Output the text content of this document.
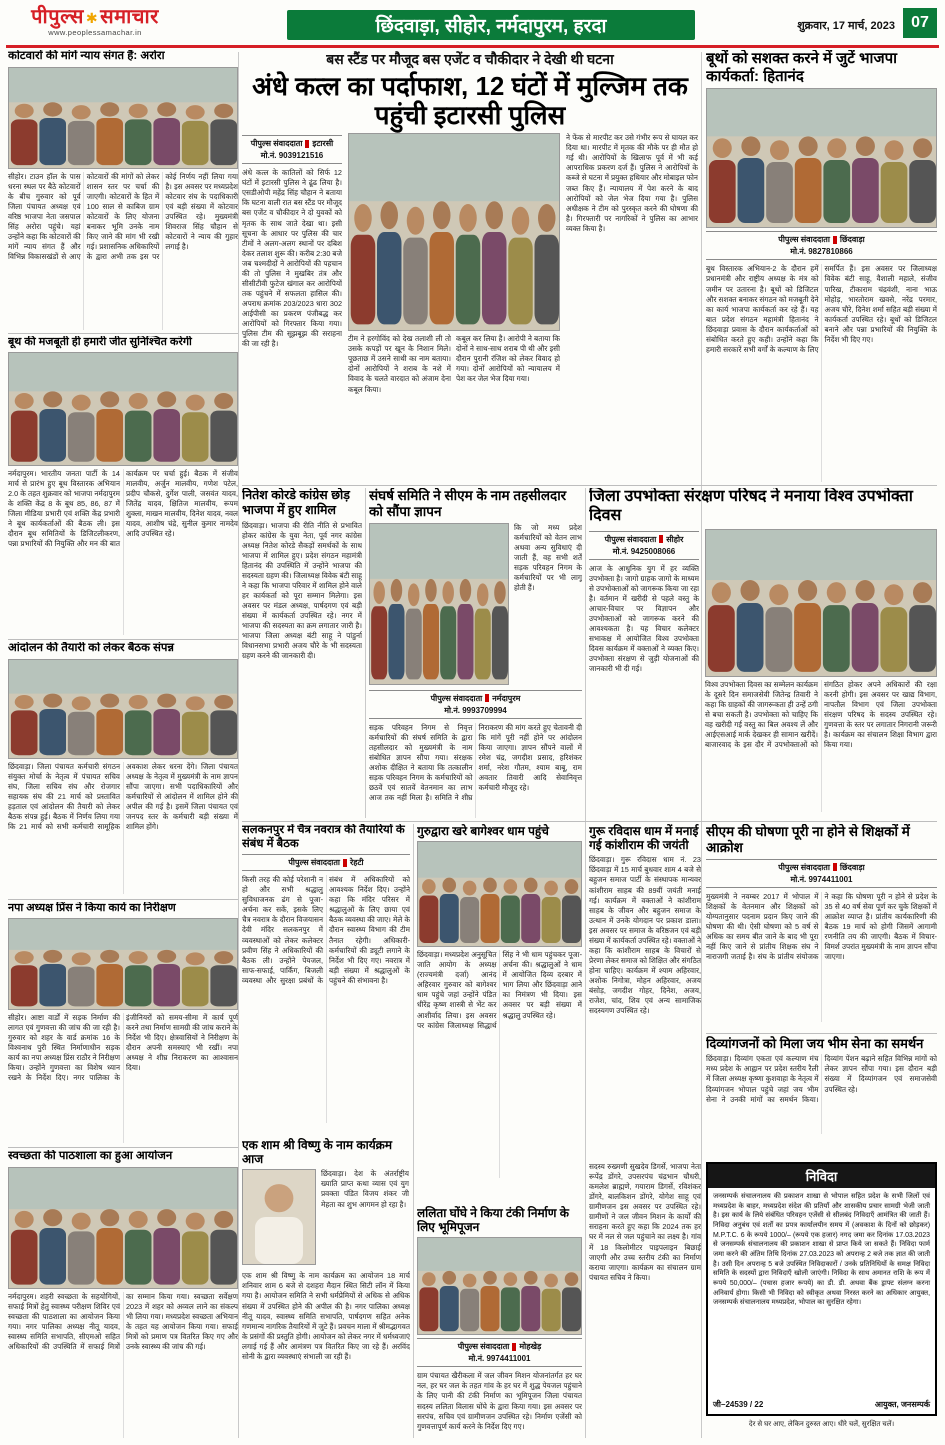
पीपुल्स ✱ समाचार
www.peoplessamachar.in	छिंदवाड़ा, सीहोर, नर्मदापुरम, हरदा	शुक्रवार, 17 मार्च, 2023	07
कोटवारों की मांगें न्याय संगत हैं: अरोरा
सीहोर। टाउन हॉल के पास धरना स्थल पर बैठे कोटवारों के बीच गुरुवार को पूर्व जिला पंचायत अध्यक्ष एवं वरिष्ठ भाजपा नेता जसपाल सिंह अरोरा पहुंचे। यहां उन्होंने कहा कि कोटवारों की मांगें न्याय संगत हैं और विभिन्न विकासखंडों से आए कोटवारों की मांगों को लेकर शासन स्तर पर चर्चा की जाएगी। कोटवारों के हित में 100 साल से काबिज ग्राम कोटवारों के लिए योजना बनाकर भूमि उनके नाम किए जाने की मांग भी रखी गई। प्रशासनिक अधिकारियों के द्वारा अभी तक इस पर कोई निर्णय नहीं लिया गया है। इस अवसर पर मध्यप्रदेश कोटवार संघ के पदाधिकारी एवं बड़ी संख्या में कोटवार उपस्थित रहे। मुख्यमंत्री शिवराज सिंह चौहान से कोटवारों ने न्याय की गुहार लगाई है।
बूथ की मजबूती ही हमारी जीत सुनिश्चित करेगी
नर्मदापुरम। भारतीय जनता पार्टी के 14 मार्च से प्रारंभ हुए बूथ विस्तारक अभियान 2.0 के तहत शुक्रवार को भाजपा नर्मदापुरम के शक्ति केंद्र 8 के बूथ 85, 86, 87 में जिला मीडिया प्रभारी एवं शक्ति केंद्र प्रभारी ने बूथ कार्यकर्ताओं की बैठक ली। इस दौरान बूथ समितियों के डिजिटलीकरण, पन्ना प्रभारियों की नियुक्ति और मन की बात कार्यक्रम पर चर्चा हुई। बैठक में संजीव मालवीय, अर्जुन मालवीय, गणेश पटेल, प्रदीप चौकसे, दुर्गेश पाली, जसवंत यादव, जितेंद्र यादव, क्षितिज मालवीय, रूपम शुक्ला, माखन मालवीय, दिनेश यादव, नवल यादव, आशीष चंद्रे, सुनील कुमार नामदेव आदि उपस्थित रहे।
आंदोलन की तैयारी को लेकर बैठक संपन्न
छिंदवाड़ा। जिला पंचायत कर्मचारी संगठन संयुक्त मोर्चा के नेतृत्व में पंचायत सचिव संघ, जिला सचिव संघ और रोजगार सहायक संघ की 21 मार्च को प्रस्तावित हड़ताल एवं आंदोलन की तैयारी को लेकर बैठक संपन्न हुई। बैठक में निर्णय लिया गया कि 21 मार्च को सभी कर्मचारी सामूहिक अवकाश लेकर धरना देंगे। जिला पंचायत अध्यक्ष के नेतृत्व में मुख्यमंत्री के नाम ज्ञापन सौंपा जाएगा। सभी पदाधिकारियों और कर्मचारियों से आंदोलन में शामिल होने की अपील की गई है। इसमें जिला पंचायत एवं जनपद स्तर के कर्मचारी बड़ी संख्या में शामिल होंगे।
नपा अध्यक्ष प्रिंस ने किया कार्य का निरीक्षण
सीहोर। आष्टा वार्डों में सड़क निर्माण की लागत एवं गुणवत्ता की जांच की जा रही है। गुरुवार को शहर के वार्ड क्रमांक 16 के विश्वनाथ पुरी स्थित निर्माणाधीन सड़क कार्य का नपा अध्यक्ष प्रिंस राठौर ने निरीक्षण किया। उन्होंने गुणवत्ता का विशेष ध्यान रखने के निर्देश दिए। नगर पालिका के इंजीनियरों को समय-सीमा में कार्य पूर्ण करने तथा निर्माण सामग्री की जांच कराने के निर्देश भी दिए। क्षेत्रवासियों ने निरीक्षण के दौरान अपनी समस्याएं भी रखीं। नपा अध्यक्ष ने शीघ्र निराकरण का आश्वासन दिया।
स्वच्छता की पाठशाला का हुआ आयोजन
नर्मदापुरम। शहरी स्वच्छता के सहयोगियों, सफाई मित्रों हेतु स्वास्थ्य परीक्षण शिविर एवं स्वच्छता की पाठशाला का आयोजन किया गया। नगर पालिका अध्यक्ष नीतू यादव, स्वास्थ्य समिति सभापति, सीएमओ सहित अधिकारियों की उपस्थिति में सफाई मित्रों का सम्मान किया गया। स्वच्छता सर्वेक्षण 2023 में शहर को अव्वल लाने का संकल्प भी लिया गया। मध्यप्रदेश स्वच्छता अभियान के तहत यह आयोजन किया गया। सफाई मित्रों को प्रमाण पत्र वितरित किए गए और उनके स्वास्थ्य की जांच की गई।
बस स्टैंड पर मौजूद बस एजेंट व चौकीदार ने देखी थी घटना
अंधे कत्ल का पर्दाफाश, 12 घंटों में मुल्जिम तक पहुंची इटारसी पुलिस
पीपुल्स संवाददाता इटारसी
मो.नं. 9039121516
अंधे कत्ल के कातिलों को सिर्फ 12 घंटों में इटारसी पुलिस ने ढूंढ लिया है। एसडीओपी महेंद्र सिंह चौहान ने बताया कि घटना वाली रात बस स्टैंड पर मौजूद बस एजेंट व चौकीदार ने दो युवकों को मृतक के साथ जाते देखा था। इसी सूचना के आधार पर पुलिस की चार टीमों ने अलग-अलग स्थानों पर दबिश देकर तलाश शुरू की। करीब 2:30 बजे जब चश्मदीदों ने आरोपियों की पहचान की तो पुलिस ने मुखबिर तंत्र और सीसीटीवी फुटेज खंगाल कर आरोपियों तक पहुंचने में सफलता हासिल की। अपराध क्रमांक 203/2023 धारा 302 आईपीसी का प्रकरण पंजीबद्ध कर आरोपियों को गिरफ्तार किया गया। पुलिस टीम की सूझबूझ की सराहना की जा रही है।
टीम ने हरगोविंद को देख तलाशी ली तो उसके कपड़ों पर खून के निशान मिले। पूछताछ में उसने साथी का नाम बताया। दोनों आरोपियों ने शराब के नशे में विवाद के चलते वारदात को अंजाम देना कबूल किया।
कबूल कर लिया है। आरोपी ने बताया कि दोनों ने साथ-साथ शराब पी थी और इसी दौरान पुरानी रंजिश को लेकर विवाद हो गया। दोनों आरोपियों को न्यायालय में पेश कर जेल भेज दिया गया।
ने फेंक से मारपीट कर उसे गंभीर रूप से घायल कर दिया था। मारपीट में मृतक की मौके पर ही मौत हो गई थी। आरोपियों के खिलाफ पूर्व में भी कई आपराधिक प्रकरण दर्ज हैं। पुलिस ने आरोपियों के कब्जे से घटना में प्रयुक्त हथियार और मोबाइल फोन जब्त किए हैं। न्यायालय में पेश करने के बाद आरोपियों को जेल भेज दिया गया है। पुलिस अधीक्षक ने टीम को पुरस्कृत करने की घोषणा की है। गिरफ्तारी पर नागरिकों ने पुलिस का आभार व्यक्त किया है।
बूथों को सशक्त करने में जुटें भाजपा कार्यकर्ता: हितानंद
पीपुल्स संवाददाता छिंदवाड़ा
मो.नं. 9827810866
बूथ विस्तारक अभियान-2 के दौरान हमें प्रधानमंत्री और राष्ट्रीय अध्यक्ष के मंत्र को जमीन पर उतारना है। बूथों को डिजिटल और सशक्त बनाकर संगठन को मजबूती देने का कार्य भाजपा कार्यकर्ता कर रहे हैं। यह बात प्रदेश संगठन महामंत्री हितानंद ने छिंदवाड़ा प्रवास के दौरान कार्यकर्ताओं को संबोधित करते हुए कही। उन्होंने कहा कि हमारी सरकारें सभी वर्गों के कल्याण के लिए समर्पित हैं। इस अवसर पर जिलाध्यक्ष विवेक बंटी साहू, वैशाली महाले, संजीव पारिख, टीकाराम चंद्रवंशी, नाना भाऊ मोहोड़, भारतोराम खवसे, नरेंद्र परमार, अजय चौरे, दिनेश शर्मा सहित बड़ी संख्या में कार्यकर्ता उपस्थित रहे। बूथों को डिजिटल बनाने और पन्ना प्रभारियों की नियुक्ति के निर्देश भी दिए गए।
नितेश कोरडे कांग्रेस छोड़ भाजपा में हुए शामिल
छिंदवाड़ा। भाजपा की रीति नीति से प्रभावित होकर कांग्रेस के युवा नेता, पूर्व नगर कांग्रेस अध्यक्ष नितेश कोरडे सैकड़ों समर्थकों के साथ भाजपा में शामिल हुए। प्रदेश संगठन महामंत्री हितानंद की उपस्थिति में उन्होंने भाजपा की सदस्यता ग्रहण की। जिलाध्यक्ष विवेक बंटी साहू ने कहा कि भाजपा परिवार में शामिल होने वाले हर कार्यकर्ता को पूरा सम्मान मिलेगा। इस अवसर पर मंडल अध्यक्ष, पार्षदगण एवं बड़ी संख्या में कार्यकर्ता उपस्थित रहे। नगर में भाजपा की सदस्यता का क्रम लगातार जारी है। भाजपा जिला अध्यक्ष बंटी साहू ने पांडुर्ना विधानसभा प्रभारी अजय चौरे के भी सदस्यता ग्रहण करने की जानकारी दी।
संघर्ष समिति ने सीएम के नाम तहसीलदार को सौंपा ज्ञापन
कि जो मध्य प्रदेश कर्मचारियों को वेतन लाभ अथवा अन्य सुविधाएं दी जाती हैं, वह सभी शर्तें सड़क परिवहन निगम के कर्मचारियों पर भी लागू होती हैं।
पीपुल्स संवाददाता नर्मदापुरम
मो.नं. 9993709994
सड़क परिवहन निगम से निवृत्त कर्मचारियों की संघर्ष समिति के द्वारा तहसीलदार को मुख्यमंत्री के नाम संबोधित ज्ञापन सौंपा गया। संरक्षक अशोक दीक्षित ने बताया कि तत्कालीन सड़क परिवहन निगम के कर्मचारियों को छठवें एवं सातवें वेतनमान का लाभ आज तक नहीं मिला है। समिति ने शीघ्र निराकरण की मांग करते हुए चेतावनी दी कि मांगें पूरी नहीं होने पर आंदोलन किया जाएगा। ज्ञापन सौंपने वालों में रमेश चंद्र, जगदीश प्रसाद, हरिशंकर शर्मा, नरेश गौतम, श्याम बाबू, राम अवतार तिवारी आदि सेवानिवृत्त कर्मचारी मौजूद रहे।
जिला उपभोक्ता संरक्षण परिषद ने मनाया विश्व उपभोक्ता दिवस
पीपुल्स संवाददाता सीहोर
मो.नं. 9425008066
आज के आधुनिक युग में हर व्यक्ति उपभोक्ता है। जागो ग्राहक जागो के माध्यम से उपभोक्ताओं को जागरूक किया जा रहा है। वर्तमान में खरीदी से पहले वस्तु के आचार-विचार पर विज्ञापन और उपभोक्ताओं को जागरूक करने की आवश्यकता है। यह विचार कलेक्टर सभाकक्ष में आयोजित विश्व उपभोक्ता दिवस कार्यक्रम में वक्ताओं ने व्यक्त किए। उपभोक्ता संरक्षण से जुड़ी योजनाओं की जानकारी भी दी गई।
विश्व उपभोक्ता दिवस का सम्मेलन कार्यक्रम के दूसरे दिन समाजसेवी जितेन्द्र तिवारी ने कहा कि ग्राहकों की जागरूकता ही उन्हें ठगी से बचा सकती है। उपभोक्ता को चाहिए कि वह खरीदी गई वस्तु का बिल अवश्य लें और आईएसआई मार्क देखकर ही सामान खरीदें। बाजारवाद के इस दौर में उपभोक्ताओं को संगठित होकर अपने अधिकारों की रक्षा करनी होगी। इस अवसर पर खाद्य विभाग, नापतौल विभाग एवं जिला उपभोक्ता संरक्षण परिषद के सदस्य उपस्थित रहे। गुणवत्ता के स्तर पर लगातार निगरानी जरूरी है। कार्यक्रम का संचालन शिक्षा विभाग द्वारा किया गया।
सलकनपुर में चैत्र नवरात्र की तैयारियों के संबंध में बैठक
पीपुल्स संवाददाता रेहटी
किसी तरह की कोई परेशानी न हो और सभी श्रद्धालु सुविधाजनक ढंग से पूजा-अर्चना कर सकें, इसके लिए चैत्र नवरात्र के दौरान विजयासन देवी मंदिर सलकनपुर में व्यवस्थाओं को लेकर कलेक्टर प्रवीण सिंह ने अधिकारियों की बैठक ली। उन्होंने पेयजल, साफ-सफाई, पार्किंग, बिजली व्यवस्था और सुरक्षा प्रबंधों के संबंध में अधिकारियों को आवश्यक निर्देश दिए। उन्होंने कहा कि मंदिर परिसर में श्रद्धालुओं के लिए छाया एवं बैठक व्यवस्था की जाए। मेले के दौरान स्वास्थ्य विभाग की टीम तैनात रहेगी। अधिकारी-कर्मचारियों की ड्यूटी लगाने के निर्देश भी दिए गए। नवरात्र में बड़ी संख्या में श्रद्धालुओं के पहुंचने की संभावना है।
गुरुद्वारा खरे बागेश्वर धाम पहुंचे
छिंदवाड़ा। मध्यप्रदेश अनुसूचित जाति आयोग के अध्यक्ष (राज्यमंत्री दर्जा) आनंद अहिरवार गुरुवार को बागेश्वर धाम पहुंचे जहां उन्होंने पंडित धीरेंद्र कृष्ण शास्त्री से भेंट कर आशीर्वाद लिया। इस अवसर पर कांग्रेस जिलाध्यक्ष सिद्धार्थ सिंह ने भी धाम पहुंचकर पूजा-अर्चना की। श्रद्धालुओं ने धाम में आयोजित दिव्य दरबार में भाग लिया और छिंदवाड़ा आने का निमंत्रण भी दिया। इस अवसर पर बड़ी संख्या में श्रद्धालु उपस्थित रहे।
गुरू रविदास धाम में मनाई गई कांशीराम की जयंती
छिंदवाड़ा। गुरू रविदास धाम नं. 23 छिंदवाड़ा में 15 मार्च बुधवार शाम 4 बजे से बहुजन समाज पार्टी के संस्थापक मान्यवर कांशीराम साहब की 89वीं जयंती मनाई गई। कार्यक्रम में वक्ताओं ने कांशीराम साहब के जीवन और बहुजन समाज के उत्थान में उनके योगदान पर प्रकाश डाला। इस अवसर पर समाज के वरिष्ठजन एवं बड़ी संख्या में कार्यकर्ता उपस्थित रहे। वक्ताओं ने कहा कि कांशीराम साहब के विचारों से प्रेरणा लेकर समाज को शिक्षित और संगठित होना चाहिए। कार्यक्रम में श्याम अहिरवार, अशोक निगोत्रा, मोहन अहिरवार, अजय बंसोड़, जगदीश गोहर, दिनेश, अजय, राजेश, चांद, शिव एवं अन्य सामाजिक सदस्यगण उपस्थित रहे।
सीएम की घोषणा पूरी ना होने से शिक्षकों में आक्रोश
पीपुल्स संवाददाता छिंदवाड़ा
मो.नं. 9974411001
मुख्यमंत्री ने नवम्बर 2017 में भोपाल में शिक्षकों के वेतनमान और शिक्षकों को योग्यतानुसार पदनाम प्रदान किए जाने की घोषणा की थी। ऐसी घोषणा को 5 वर्ष से अधिक का समय बीत जाने के बाद भी पूरा नहीं किए जाने से प्रांतीय शिक्षक संघ ने नाराजगी जताई है। संघ के प्रांतीय संयोजक ने कहा कि घोषणा पूरी न होने से प्रदेश के 35 से 40 वर्ष सेवा पूर्ण कर चुके शिक्षकों में आक्रोश व्याप्त है। प्रांतीय कार्यकारिणी की बैठक 19 मार्च को होगी जिसमें आगामी रणनीति तय की जाएगी। बैठक में विचार-विमर्श उपरांत मुख्यमंत्री के नाम ज्ञापन सौंपा जाएगा।
दिव्यांगजनों को मिला जय भीम सेना का समर्थन
छिंदवाड़ा। दिव्यांग एकता एवं कल्याण मंच मध्य प्रदेश के आह्वान पर प्रदेश स्तरीय रैली में जिला अध्यक्ष कृष्णा कुशवाहा के नेतृत्व में दिव्यांगजन भोपाल पहुंचे जहां जय भीम सेना ने उनकी मांगों का समर्थन किया। दिव्यांग पेंशन बढ़ाने सहित विभिन्न मांगों को लेकर ज्ञापन सौंपा गया। इस दौरान बड़ी संख्या में दिव्यांगजन एवं समाजसेवी उपस्थित रहे।
एक शाम श्री विष्णु के नाम कार्यक्रम आज
छिंदवाड़ा। देश के अंतर्राष्ट्रीय ख्याति प्राप्त कथा व्यास एवं युग प्रवक्ता पंडित विजय शंकर जी मेहता का शुभ आगमन हो रहा है।
एक शाम श्री विष्णु के नाम कार्यक्रम का आयोजन 18 मार्च शनिवार शाम 6 बजे से दशहरा मैदान स्थित सिटी लॉन में किया गया है। आयोजन समिति ने सभी धर्मप्रेमियों से अधिक से अधिक संख्या में उपस्थित होने की अपील की है। नगर पालिका अध्यक्ष नीतू यादव, स्वास्थ्य समिति सभापति, पार्षदगण सहित अनेक गणमान्य नागरिक तैयारियों में जुटे हैं। प्रवचन माला में श्रीमद्भागवत के प्रसंगों की प्रस्तुति होगी। आयोजन को लेकर नगर में धर्मध्वजाएं लगाई गई हैं और आमंत्रण पत्र वितरित किए जा रहे हैं। अरविंद सोनी के द्वारा व्यवस्थाएं संभाली जा रही हैं।
ललिता घोंघे ने किया टंकी निर्माण के लिए भूमिपूजन
पीपुल्स संवाददाता मोहखेड़
मो.नं. 9974411001
ग्राम पंचायत खैरीकला में जल जीवन मिशन योजनांतर्गत हर घर नल, हर घर जल के तहत गांव के हर घर में शुद्ध पेयजल पहुंचाने के लिए पानी की टंकी निर्माण का भूमिपूजन जिला पंचायत सदस्य ललिता विलास घोंघे के द्वारा किया गया। इस अवसर पर सरपंच, सचिव एवं ग्रामीणजन उपस्थित रहे। निर्माण एजेंसी को गुणवत्तापूर्ण कार्य करने के निर्देश दिए गए।
सदस्य रुख्मणी सुखदेव डिगर्से, भाजपा नेता रूपेंद्र डोंगरे, उपसरपंच चंद्रभान चौधरी, कमलेश ब्राह्मणे, गयाराम डिगर्से, रविशंकर डोंगरे, बालकिशन डोंगरे, योगेश साहू एवं ग्रामीणजन इस अवसर पर उपस्थित रहे। ग्रामीणों ने जल जीवन मिशन के कार्यों की सराहना करते हुए कहा कि 2024 तक हर घर में नल से जल पहुंचाने का लक्ष्य है। गांव में 18 किलोमीटर पाइपलाइन बिछाई जाएगी और उच्च स्तरीय टंकी का निर्माण कराया जाएगा। कार्यक्रम का संचालन ग्राम पंचायत सचिव ने किया।
निविदा
जनसम्पर्क संचालनालय की प्रकाशन शाखा से भोपाल सहित प्रदेश के सभी जिलों एवं मध्यप्रदेश के बाहर, मध्यप्रदेश संदेश की प्रतियाँ और शासकीय प्रचार सामग्री भेजी जाती है। इस कार्य के लिये संबंधित परिवहन एजेंसी से सीलबंद निविदाएँ आमंत्रित की जाती हैं। निविदा अनुबंध एवं शर्तों का प्रपत्र कार्यालयीन समय में (अवकाश के दिनों को छोड़कर) M.P.T.C. 6 के रूपये 1000/– (रूपये एक हजार) नगद जमा कर दिनांक 17.03.2023 से जनसम्पर्क संचालनालय की प्रकाशन शाखा से प्राप्त किये जा सकते हैं। निविदा फार्म जमा करने की अंतिम तिथि दिनांक 27.03.2023 को अपरान्ह 2 बजे तक ज्ञात की जाती है। उसी दिन अपरान्ह 5 बजे उपस्थित निविदाकारों / उनके प्रतिनिधियों के समक्ष निविदा समिति के सदस्यों द्वारा निविदाएँ खोली जाएंगी। निविदा के साथ अमानत राशि के रूप में रूपये 50,000/– (पचास हजार रूपये) का डी. डी. अथवा बैंक ड्राफ्ट संलग्न करना अनिवार्य होगा। किसी भी निविदा को स्वीकृत अथवा निरस्त करने का अधिकार आयुक्त, जनसम्पर्क संचालनालय मध्यप्रदेश, भोपाल का सुरक्षित रहेगा।
जी–24539 / 22	आयुक्त, जनसम्पर्क
देर से घर आए, लेकिन दुरुस्त आए। धीरे चलें, सुरक्षित चलें।
